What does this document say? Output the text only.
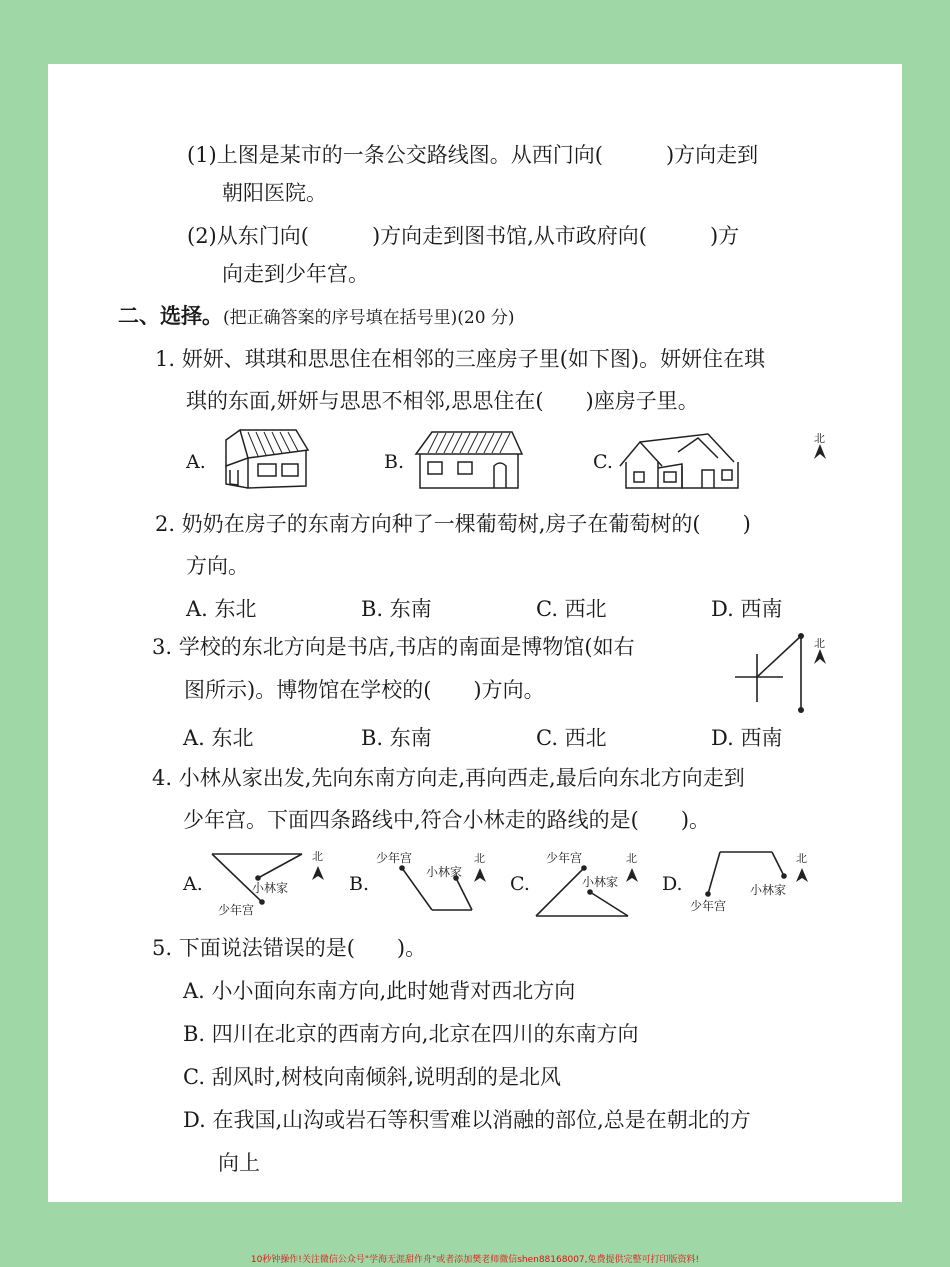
(1)上图是某市的一条公交路线图。从西门向(　　　)方向走到
朝阳医院。
(2)从东门向(　　　)方向走到图书馆,从市政府向(　　　)方
向走到少年宫。
二、选择。(把正确答案的序号填在括号里)(20 分)
1. 妍妍、琪琪和思思住在相邻的三座房子里(如下图)。妍妍住在琪
琪的东面,妍妍与思思不相邻,思思住在(　　)座房子里。
A.	B.	C.
北
2. 奶奶在房子的东南方向种了一棵葡萄树,房子在葡萄树的(　　)
方向。
A. 东北	B. 东南	C. 西北	D. 西南
3. 学校的东北方向是书店,书店的南面是博物馆(如右
图所示)。博物馆在学校的(　　)方向。
北
A. 东北	B. 东南	C. 西北	D. 西南
4. 小林从家出发,先向东南方向走,再向西走,最后向东北方向走到
少年宫。下面四条路线中,符合小林走的路线的是(　　)。
A.	B.	C.	D.
小林家
少年宫
北	少年宫
小林家
北	少年宫
小林家
北
小林家
少年宫
北
5. 下面说法错误的是(　　)。
A. 小小面向东南方向,此时她背对西北方向
B. 四川在北京的西南方向,北京在四川的东南方向
C. 刮风时,树枝向南倾斜,说明刮的是北风
D. 在我国,山沟或岩石等积雪难以消融的部位,总是在朝北的方
向上
10秒钟操作!关注微信公众号"学海无涯甜作舟"或者添加樊老师微信shen88168007,免费提供完整可打印版资料!
